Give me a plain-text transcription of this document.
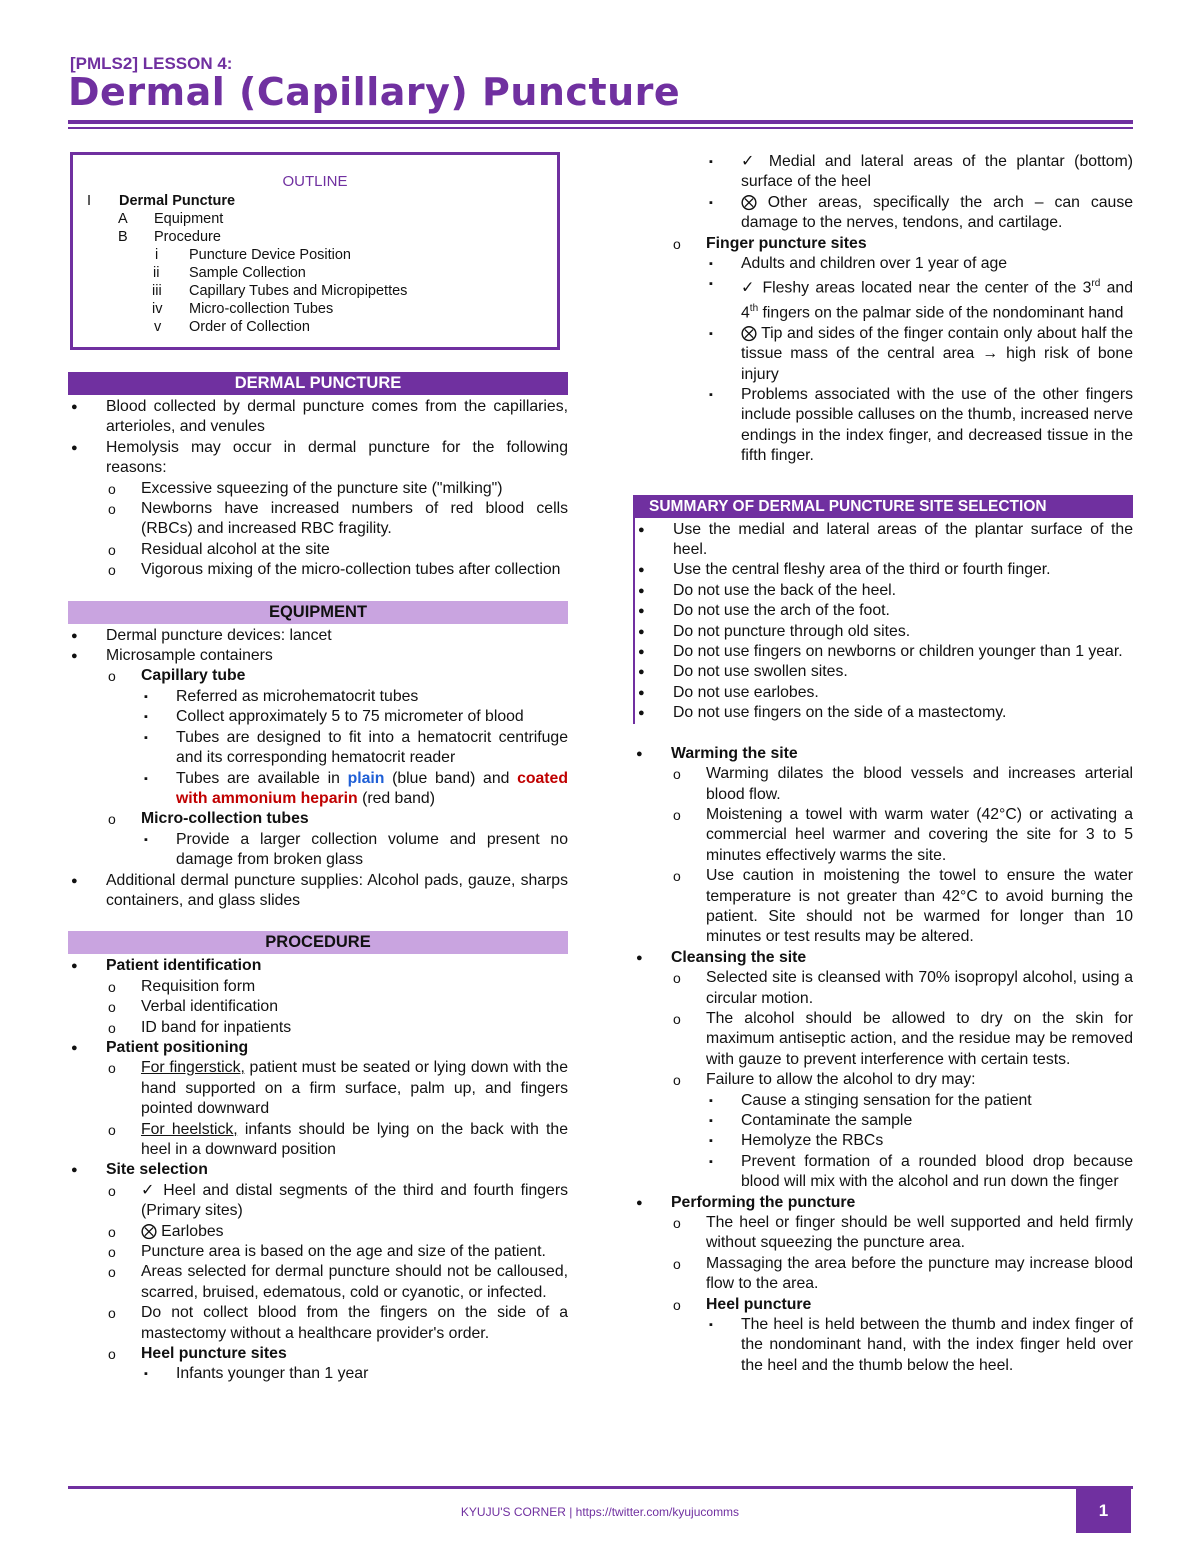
[PMLS2] LESSON 4:
Dermal (Capillary) Puncture
OUTLINE
I Dermal Puncture
A Equipment
B Procedure
i Puncture Device Position
ii Sample Collection
iii Capillary Tubes and Micropipettes
iv Micro-collection Tubes
v Order of Collection
DERMAL PUNCTURE
● Blood collected by dermal puncture comes from the capillaries, arterioles, and venules
● Hemolysis may occur in dermal puncture for the following reasons:
o Excessive squeezing of the puncture site ("milking")
o Newborns have increased numbers of red blood cells (RBCs) and increased RBC fragility.
o Residual alcohol at the site
o Vigorous mixing of the micro-collection tubes after collection
EQUIPMENT
● Dermal puncture devices: lancet
● Microsample containers
o Capillary tube
▪ Referred as microhematocrit tubes
▪ Collect approximately 5 to 75 micrometer of blood
▪ Tubes are designed to fit into a hematocrit centrifuge and its corresponding hematocrit reader
▪ Tubes are available in plain (blue band) and coated with ammonium heparin (red band)
o Micro-collection tubes
▪ Provide a larger collection volume and present no damage from broken glass
● Additional dermal puncture supplies: Alcohol pads, gauze, sharps containers, and glass slides
PROCEDURE
● Patient identification
o Requisition form
o Verbal identification
o ID band for inpatients
● Patient positioning
o For fingerstick, patient must be seated or lying down with the hand supported on a firm surface, palm up, and fingers pointed downward
o For heelstick, infants should be lying on the back with the heel in a downward position
● Site selection
o ✓ Heel and distal segments of the third and fourth fingers (Primary sites)
o ⨂ Earlobes
o Puncture area is based on the age and size of the patient.
o Areas selected for dermal puncture should not be calloused, scarred, bruised, edematous, cold or cyanotic, or infected.
o Do not collect blood from the fingers on the side of a mastectomy without a healthcare provider's order.
o Heel puncture sites
▪ Infants younger than 1 year
▪ ✓ Medial and lateral areas of the plantar (bottom) surface of the heel
▪ ⨂ Other areas, specifically the arch – can cause damage to the nerves, tendons, and cartilage.
o Finger puncture sites
▪ Adults and children over 1 year of age
▪ ✓ Fleshy areas located near the center of the 3rd and 4th fingers on the palmar side of the nondominant hand
▪ ⨂ Tip and sides of the finger contain only about half the tissue mass of the central area → high risk of bone injury
▪ Problems associated with the use of the other fingers include possible calluses on the thumb, increased nerve endings in the index finger, and decreased tissue in the fifth finger.
SUMMARY OF DERMAL PUNCTURE SITE SELECTION
● Use the medial and lateral areas of the plantar surface of the heel.
● Use the central fleshy area of the third or fourth finger.
● Do not use the back of the heel.
● Do not use the arch of the foot.
● Do not puncture through old sites.
● Do not use fingers on newborns or children younger than 1 year.
● Do not use swollen sites.
● Do not use earlobes.
● Do not use fingers on the side of a mastectomy.
● Warming the site
o Warming dilates the blood vessels and increases arterial blood flow.
o Moistening a towel with warm water (42°C) or activating a commercial heel warmer and covering the site for 3 to 5 minutes effectively warms the site.
o Use caution in moistening the towel to ensure the water temperature is not greater than 42°C to avoid burning the patient. Site should not be warmed for longer than 10 minutes or test results may be altered.
● Cleansing the site
o Selected site is cleansed with 70% isopropyl alcohol, using a circular motion.
o The alcohol should be allowed to dry on the skin for maximum antiseptic action, and the residue may be removed with gauze to prevent interference with certain tests.
o Failure to allow the alcohol to dry may:
▪ Cause a stinging sensation for the patient
▪ Contaminate the sample
▪ Hemolyze the RBCs
▪ Prevent formation of a rounded blood drop because blood will mix with the alcohol and run down the finger
● Performing the puncture
o The heel or finger should be well supported and held firmly without squeezing the puncture area.
o Massaging the area before the puncture may increase blood flow to the area.
o Heel puncture
▪ The heel is held between the thumb and index finger of the nondominant hand, with the index finger held over the heel and the thumb below the heel.
KYUJU'S CORNER | https://twitter.com/kyujucomms	1
